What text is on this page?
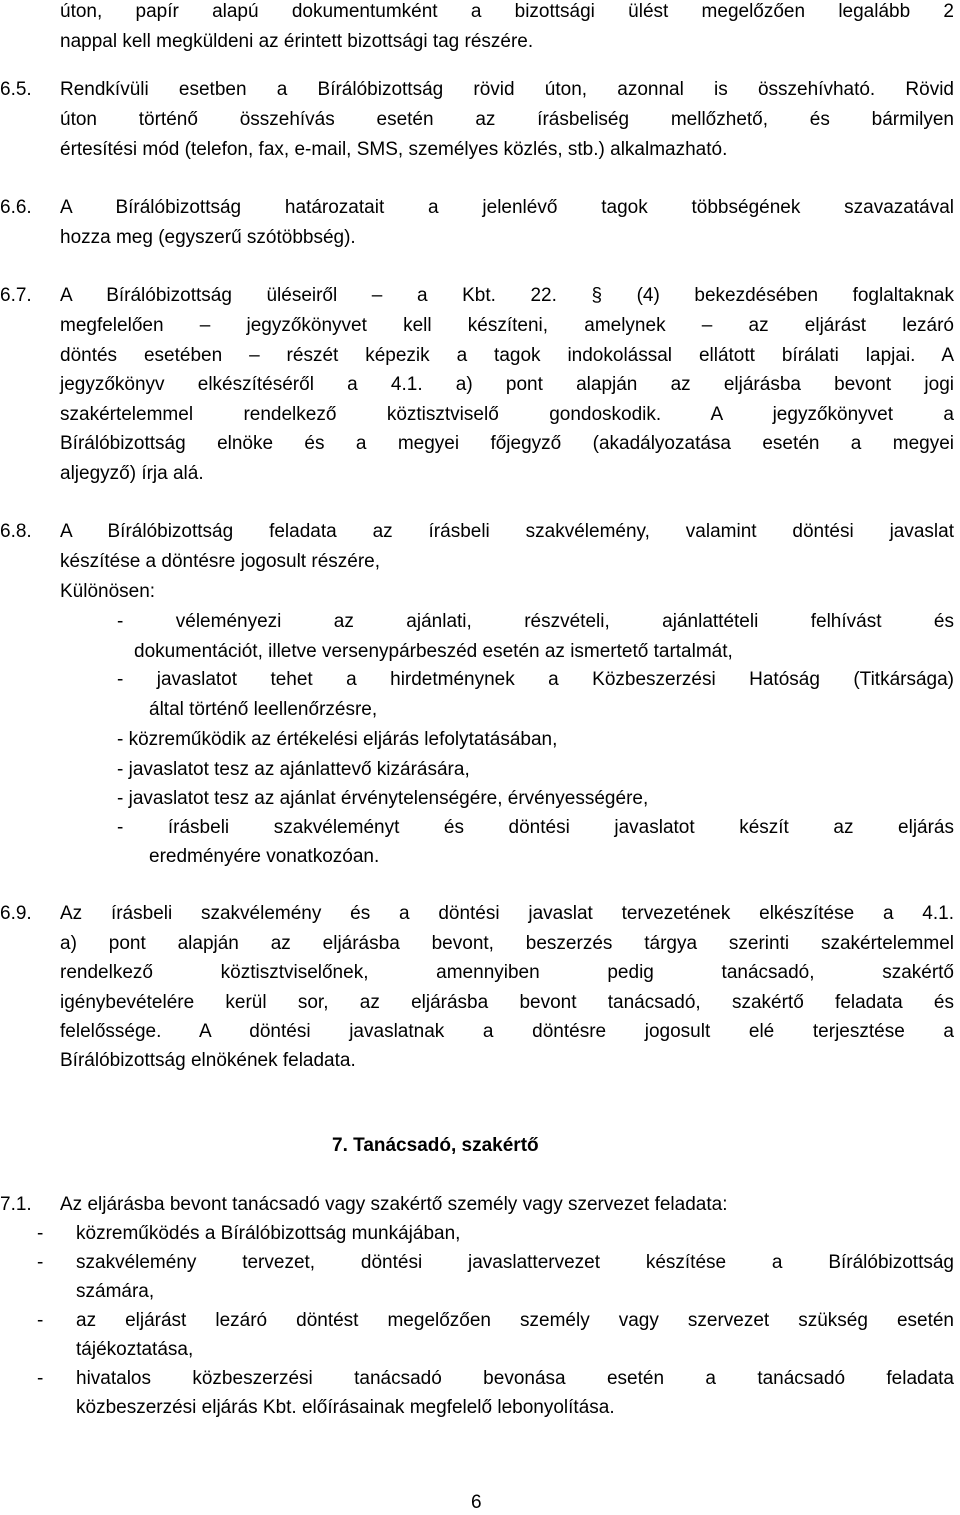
úton, papír alapú dokumentumként a bizottsági ülést megelőzően legalább 2
nappal kell megküldeni az érintett bizottsági tag részére.
6.5. Rendkívüli esetben a Bírálóbizottság rövid úton, azonnal is összehívható. Rövid
úton történő összehívás esetén az írásbeliség mellőzhető, és bármilyen
értesítési mód (telefon, fax, e-mail, SMS, személyes közlés, stb.) alkalmazható.
6.6. A Bírálóbizottság határozatait a jelenlévő tagok többségének szavazatával
hozza meg (egyszerű szótöbbség).
6.7. A Bírálóbizottság üléseiről – a Kbt. 22. § (4) bekezdésében foglaltaknak
megfelelően – jegyzőkönyvet kell készíteni, amelynek – az eljárást lezáró
döntés esetében – részét képezik a tagok indokolással ellátott bírálati lapjai. A
jegyzőkönyv elkészítéséről a 4.1. a) pont alapján az eljárásba bevont jogi
szakértelemmel rendelkező köztisztviselő gondoskodik. A jegyzőkönyvet a
Bírálóbizottság elnöke és a megyei főjegyző (akadályozatása esetén a megyei
aljegyző) írja alá.
6.8. A Bírálóbizottság feladata az írásbeli szakvélemény, valamint döntési javaslat
készítése a döntésre jogosult részére,
Különösen:
- véleményezi az ajánlati, részvételi, ajánlattételi felhívást és
dokumentációt, illetve versenypárbeszéd esetén az ismertető tartalmát,
- javaslatot tehet a hirdetménynek a Közbeszerzési Hatóság (Titkársága)
által történő leellenőrzésre,
- közreműködik az értékelési eljárás lefolytatásában,
- javaslatot tesz az ajánlattevő kizárására,
- javaslatot tesz az ajánlat érvénytelenségére, érvényességére,
- írásbeli szakvéleményt és döntési javaslatot készít az eljárás
eredményére vonatkozóan.
6.9. Az írásbeli szakvélemény és a döntési javaslat tervezetének elkészítése a 4.1.
a) pont alapján az eljárásba bevont, beszerzés tárgya szerinti szakértelemmel
rendelkező köztisztviselőnek, amennyiben pedig tanácsadó, szakértő
igénybevételére kerül sor, az eljárásba bevont tanácsadó, szakértő feladata és
felelőssége. A döntési javaslatnak a döntésre jogosult elé terjesztése a
Bírálóbizottság elnökének feladata.
7. Tanácsadó, szakértő
7.1. Az eljárásba bevont tanácsadó vagy szakértő személy vagy szervezet feladata:
- közreműködés a Bírálóbizottság munkájában,
- szakvélemény tervezet, döntési javaslattervezet készítése a Bírálóbizottság
számára,
- az eljárást lezáró döntést megelőzően személy vagy szervezet szükség esetén
tájékoztatása,
- hivatalos közbeszerzési tanácsadó bevonása esetén a tanácsadó feladata
közbeszerzési eljárás Kbt. előírásainak megfelelő lebonyolítása.
6
